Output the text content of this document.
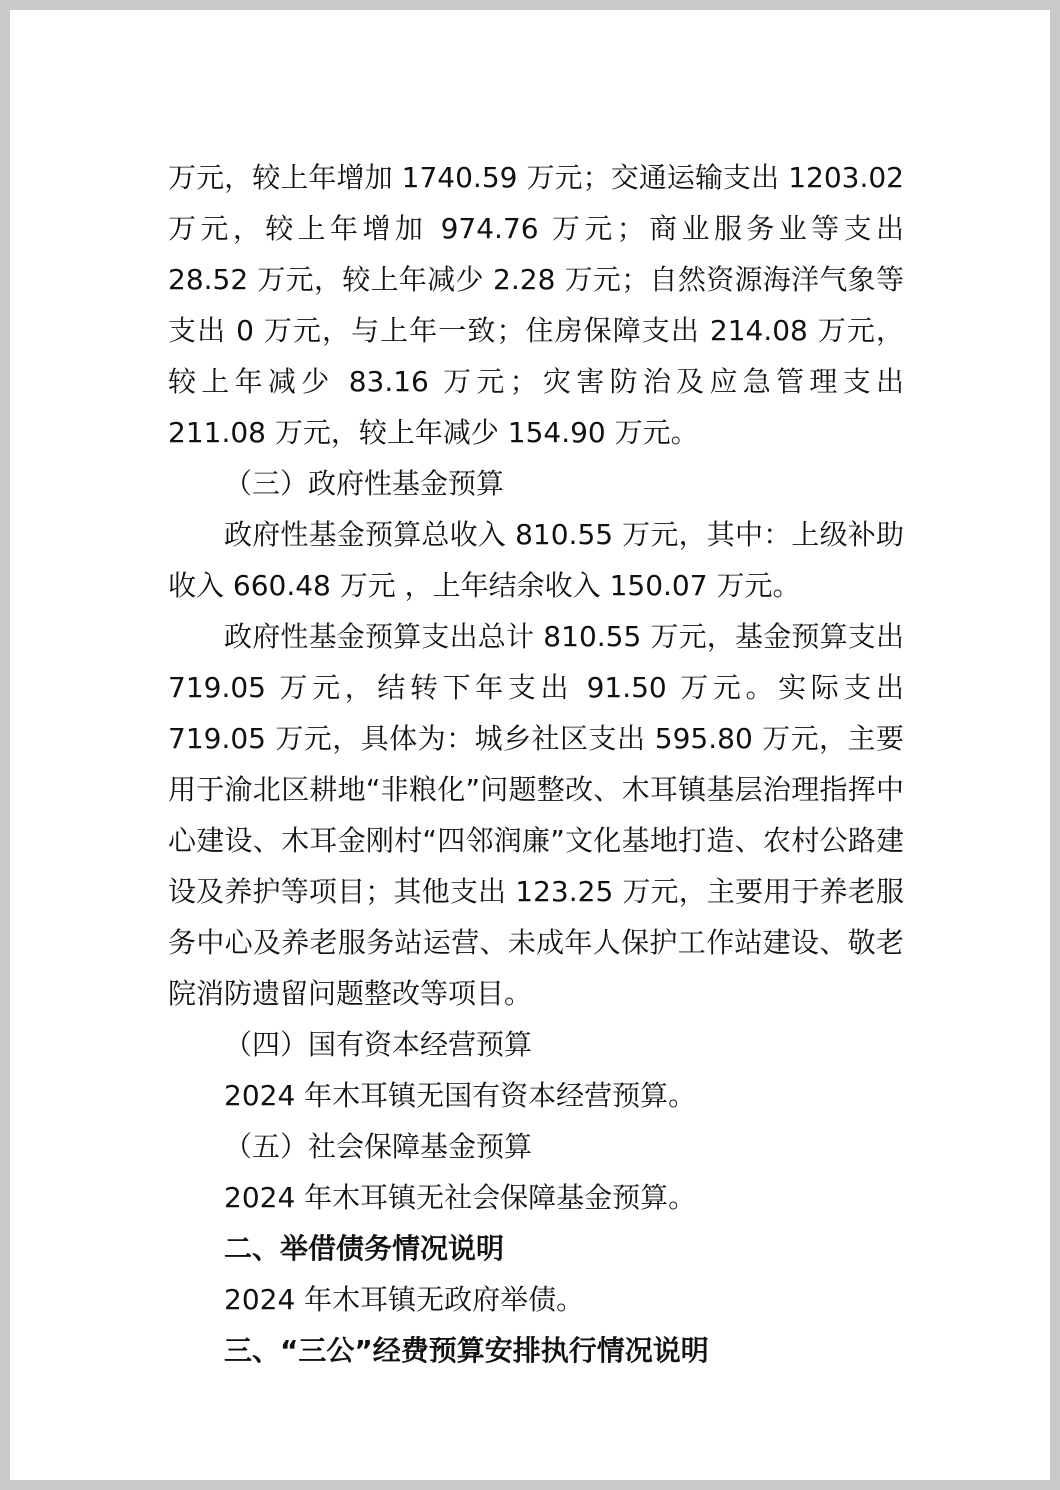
万元，较上年增加 1740.59 万元；交通运输支出 1203.02 万元，较上年增加 974.76 万元；商业服务业等支出 28.52 万元，较上年减少 2.28 万元；自然资源海洋气象等支出 0 万元，与上年一致；住房保障支出 214.08 万元，较上年减少 83.16 万元；灾害防治及应急管理支出 211.08 万元，较上年减少 154.90 万元。

（三）政府性基金预算

政府性基金预算总收入 810.55 万元，其中：上级补助收入 660.48 万元 ，上年结余收入 150.07 万元。

政府性基金预算支出总计 810.55 万元，基金预算支出 719.05 万元，结转下年支出 91.50 万元。实际支出 719.05 万元，具体为：城乡社区支出 595.80 万元，主要用于渝北区耕地“非粮化”问题整改、木耳镇基层治理指挥中心建设、木耳金刚村“四邻润廉”文化基地打造、农村公路建设及养护等项目；其他支出 123.25 万元，主要用于养老服务中心及养老服务站运营、未成年人保护工作站建设、敬老院消防遗留问题整改等项目。

（四）国有资本经营预算

2024 年木耳镇无国有资本经营预算。

（五）社会保障基金预算

2024 年木耳镇无社会保障基金预算。

二、举借债务情况说明

2024 年木耳镇无政府举债。

三、“三公”经费预算安排执行情况说明
